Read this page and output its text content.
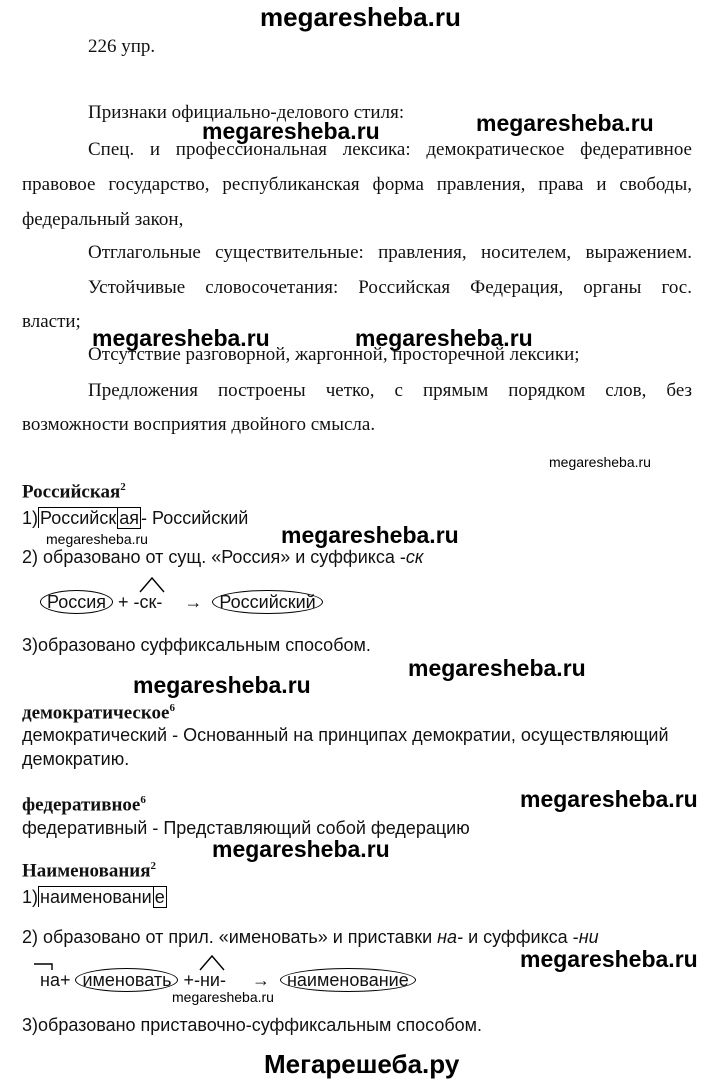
megaresheba.ru
226 упр.
Признаки официально-делового стиля:	megaresheba.ru
megaresheba.ru
Спец. и профессиональная лексика: демократическое федеративное
правовое государство, республиканская форма правления, права и свободы,
федеральный закон,
Отглагольные существительные: правления, носителем, выражением.
Устойчивые словосочетания: Российская Федерация, органы гос.
власти;
megaresheba.ru	megaresheba.ru
Отсутствие разговорной, жаргонной, просторечной лексики;
Предложения построены четко, с прямым порядком слов, без
возможности восприятия двойного смысла.
megaresheba.ru
Российская$^2$
1) Российск ая - Российский
megaresheba.ru	megaresheba.ru
2) образовано от сущ. «Россия» и суффикса -ск
Россия + -
ск- → Российский
3)образовано суффиксальным способом.
megaresheba.ru
megaresheba.ru
демократическое$^6$
демократический - Основанный на принципах демократии, осуществляющий
демократию.
федеративное$^6$	megaresheba.ru
федеративный - Представляющий собой федерацию
megaresheba.ru
Наименования$^2$
1) наименовани е
2) образовано от прил. «именовать» и приставки на- и суффикса -ни
megaresheba.ru
на+ именовать +-
ни- → наименование
megaresheba.ru
3)образовано приставочно-суффиксальным способом.
Мегарешеба.ру
